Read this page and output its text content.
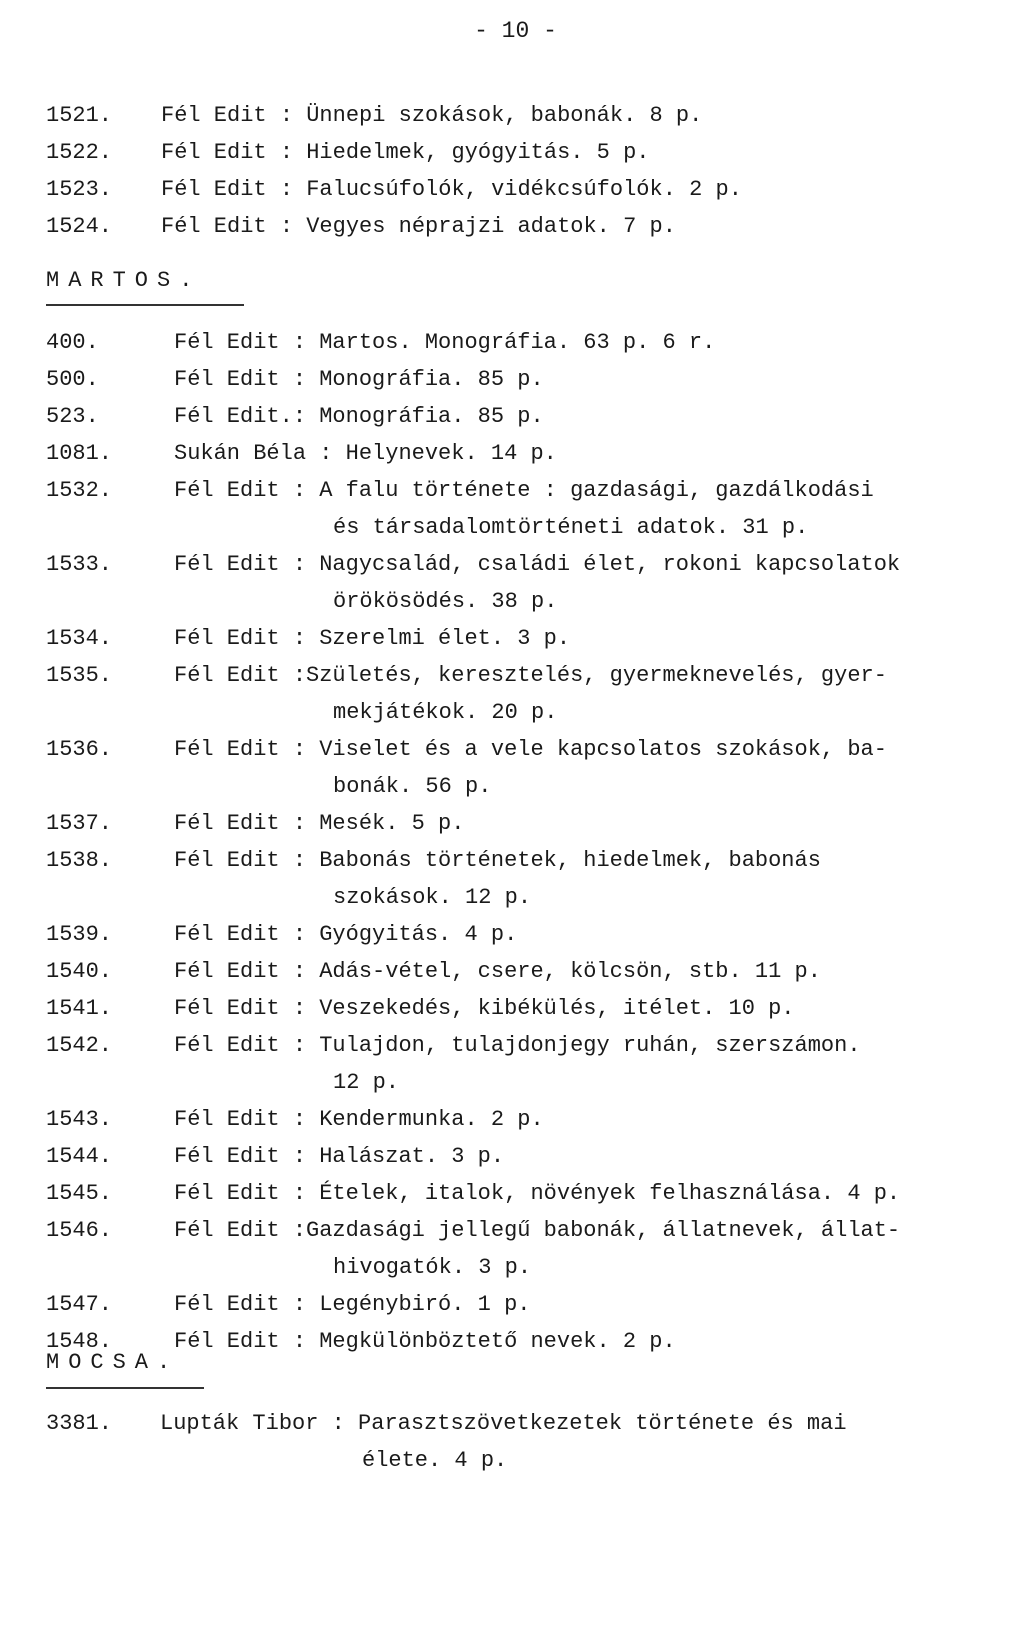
- 10 -
1521.	Fél Edit : Ünnepi szokások, babonák. 8 p.
1522.	Fél Edit : Hiedelmek, gyógyitás. 5 p.
1523.	Fél Edit : Falucsúfolók, vidékcsúfolók. 2 p.
1524.	Fél Edit : Vegyes néprajzi adatok. 7 p.
MARTOS.
400.	Fél Edit : Martos. Monográfia. 63 p. 6 r.
500.	Fél Edit : Monográfia. 85 p.
523.	Fél Edit. : Monográfia. 85 p.
1081.	Sukán Béla : Helynevek. 14 p.
1532.	Fél Edit : A falu története : gazdasági, gazdálkodási
és társadalomtörténeti adatok. 31 p.
1533.	Fél Edit : Nagycsalád, családi élet, rokoni kapcsolatok
örökösödés. 38 p.
1534.	Fél Edit : Szerelmi élet. 3 p.
1535.	Fél Edit : Születés, keresztelés, gyermeknevelés, gyer-
mekjátékok. 20 p.
1536.	Fél Edit : Viselet és a vele kapcsolatos szokások, ba-
bonák. 56 p.
1537.	Fél Edit : Mesék. 5 p.
1538.	Fél Edit : Babonás történetek, hiedelmek, babonás
szokások. 12 p.
1539.	Fél Edit : Gyógyitás. 4 p.
1540.	Fél Edit : Adás-vétel, csere, kölcsön, stb. 11 p.
1541.	Fél Edit : Veszekedés, kibékülés, itélet. 10 p.
1542.	Fél Edit : Tulajdon, tulajdonjegy ruhán, szerszámon.
12 p.
1543.	Fél Edit : Kendermunka. 2 p.
1544.	Fél Edit : Halászat. 3 p.
1545.	Fél Edit : Ételek, italok, növények felhasználása. 4 p.
1546.	Fél Edit : Gazdasági jellegű babonák, állatnevek, állat-
hivogatók. 3 p.
1547.	Fél Edit : Legénybiró. 1 p.
1548.	Fél Edit : Megkülönböztető nevek. 2 p.
MOCSA.
3381.	Lupták Tibor : Parasztszövetkezetek története és mai
élete. 4 p.
